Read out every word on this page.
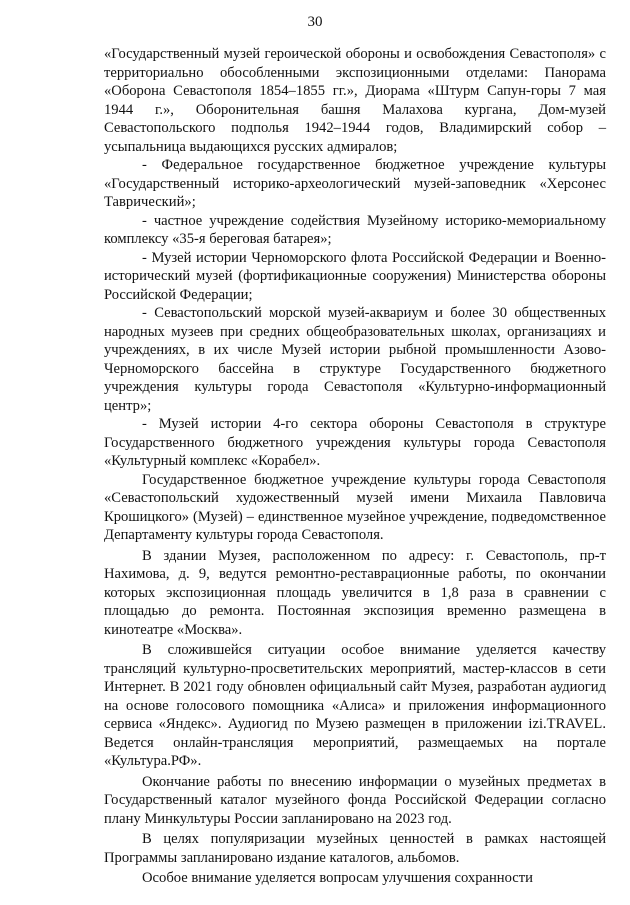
30

«Государственный музей героической обороны и освобождения Севастополя» с территориально обособленными экспозиционными отделами: Панорама «Оборона Севастополя 1854–1855 гг.», Диорама «Штурм Сапун-горы 7 мая 1944 г.», Оборонительная башня Малахова кургана, Дом-музей Севастопольского подполья 1942–1944 годов, Владимирский собор – усыпальница выдающихся русских адмиралов;

- Федеральное государственное бюджетное учреждение культуры «Государственный историко-археологический музей-заповедник «Херсонес Таврический»;

- частное учреждение содействия Музейному историко-мемориальному комплексу «35-я береговая батарея»;

- Музей истории Черноморского флота Российской Федерации и Военно-исторический музей (фортификационные сооружения) Министерства обороны Российской Федерации;

- Севастопольский морской музей-аквариум и более 30 общественных народных музеев при средних общеобразовательных школах, организациях и учреждениях, в их числе Музей истории рыбной промышленности Азово-Черноморского бассейна в структуре Государственного бюджетного учреждения культуры города Севастополя «Культурно-информационный центр»;

- Музей истории 4-го сектора обороны Севастополя в структуре Государственного бюджетного учреждения культуры города Севастополя «Культурный комплекс «Корабел».

Государственное бюджетное учреждение культуры города Севастополя «Севастопольский художественный музей имени Михаила Павловича Крошицкого» (Музей) – единственное музейное учреждение, подведомственное Департаменту культуры города Севастополя.

В здании Музея, расположенном по адресу: г. Севастополь, пр-т Нахимова, д. 9, ведутся ремонтно-реставрационные работы, по окончании которых экспозиционная площадь увеличится в 1,8 раза в сравнении с площадью до ремонта. Постоянная экспозиция временно размещена в кинотеатре «Москва».

В сложившейся ситуации особое внимание уделяется качеству трансляций культурно-просветительских мероприятий, мастер-классов в сети Интернет. В 2021 году обновлен официальный сайт Музея, разработан аудиогид на основе голосового помощника «Алиса» и приложения информационного сервиса «Яндекс». Аудиогид по Музею размещен в приложении izi.TRAVEL. Ведется онлайн-трансляция мероприятий, размещаемых на портале «Культура.РФ».

Окончание работы по внесению информации о музейных предметах в Государственный каталог музейного фонда Российской Федерации согласно плану Минкультуры России запланировано на 2023 год.

В целях популяризации музейных ценностей в рамках настоящей Программы запланировано издание каталогов, альбомов.

Особое внимание уделяется вопросам улучшения сохранности
